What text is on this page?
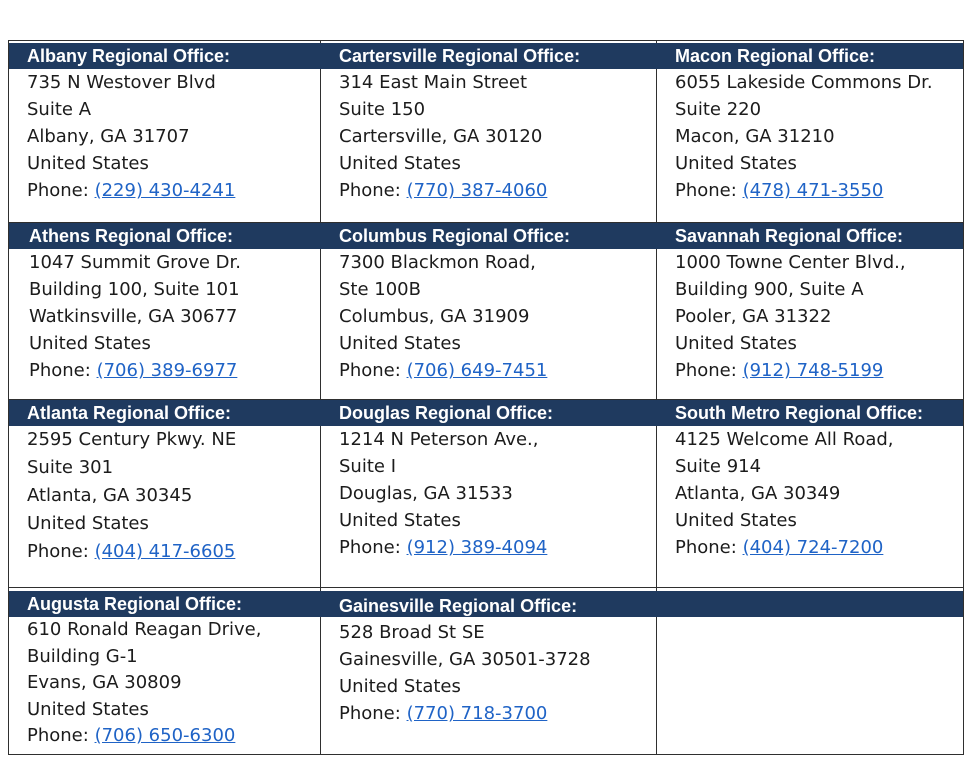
Albany Regional Office:
735 N Westover Blvd
Suite A
Albany, GA 31707
United States
Phone: (229) 430-4241
Cartersville Regional Office:
314 East Main Street
Suite 150
Cartersville, GA 30120
United States
Phone: (770) 387-4060
Macon Regional Office:
6055 Lakeside Commons Dr.
Suite 220
Macon, GA 31210
United States
Phone: (478) 471-3550
Athens Regional Office:
1047 Summit Grove Dr.
Building 100, Suite 101
Watkinsville, GA 30677
United States
Phone: (706) 389-6977
Columbus Regional Office:
7300 Blackmon Road,
Ste 100B
Columbus, GA 31909
United States
Phone: (706) 649-7451
Savannah Regional Office:
1000 Towne Center Blvd.,
Building 900, Suite A
Pooler, GA 31322
United States
Phone: (912) 748-5199
Atlanta Regional Office:
2595 Century Pkwy. NE
Suite 301
Atlanta, GA 30345
United States
Phone: (404) 417-6605
Douglas Regional Office:
1214 N Peterson Ave.,
Suite I
Douglas, GA 31533
United States
Phone: (912) 389-4094
South Metro Regional Office:
4125 Welcome All Road,
Suite 914
Atlanta, GA 30349
United States
Phone: (404) 724-7200
Augusta Regional Office:
610 Ronald Reagan Drive,
Building G-1
Evans, GA 30809
United States
Phone: (706) 650-6300
Gainesville Regional Office:
528 Broad St SE
Gainesville, GA 30501-3728
United States
Phone: (770) 718-3700
